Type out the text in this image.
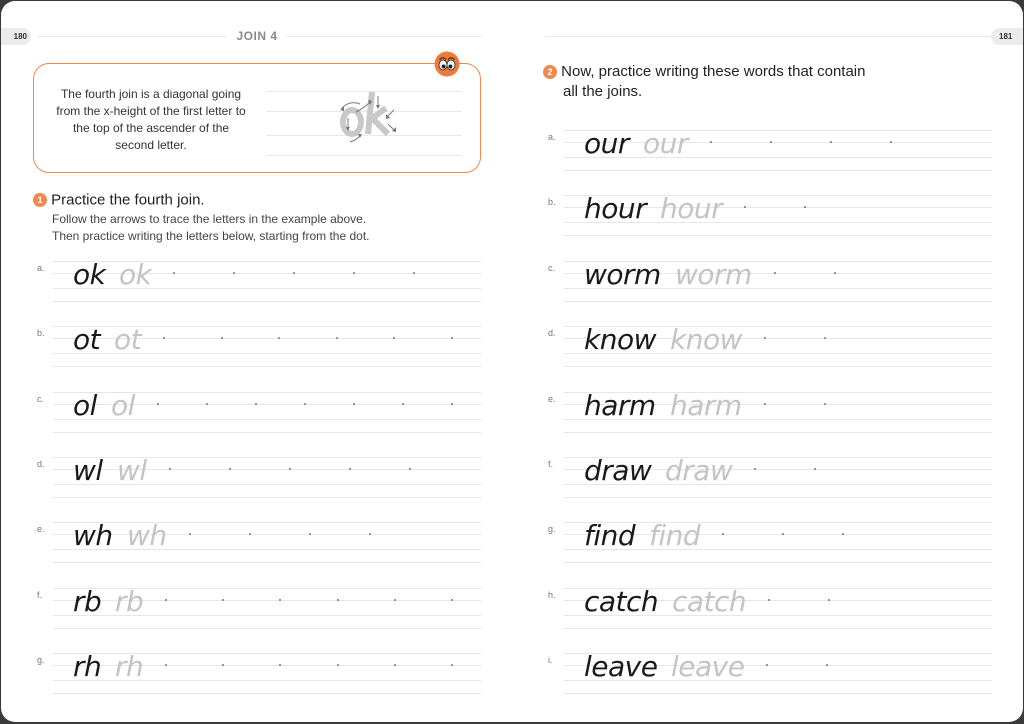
180	JOIN 4
The fourth join is a diagonal going from the x-height of the first letter to the top of the ascender of the second letter.
1 Practice the fourth join.
Follow the arrows to trace the letters in the example above.
Then practice writing the letters below, starting from the dot.
a. ok ok
b. ot ot
c. ol ol
d. wl wl
e. wh wh
f. rb rb
g. rh rh
181
2 Now, practice writing these words that contain
all the joins.
a. our our
b. hour hour
c. worm worm
d. know know
e. harm harm
f. draw draw
g. find find
h. catch catch
i. leave leave
